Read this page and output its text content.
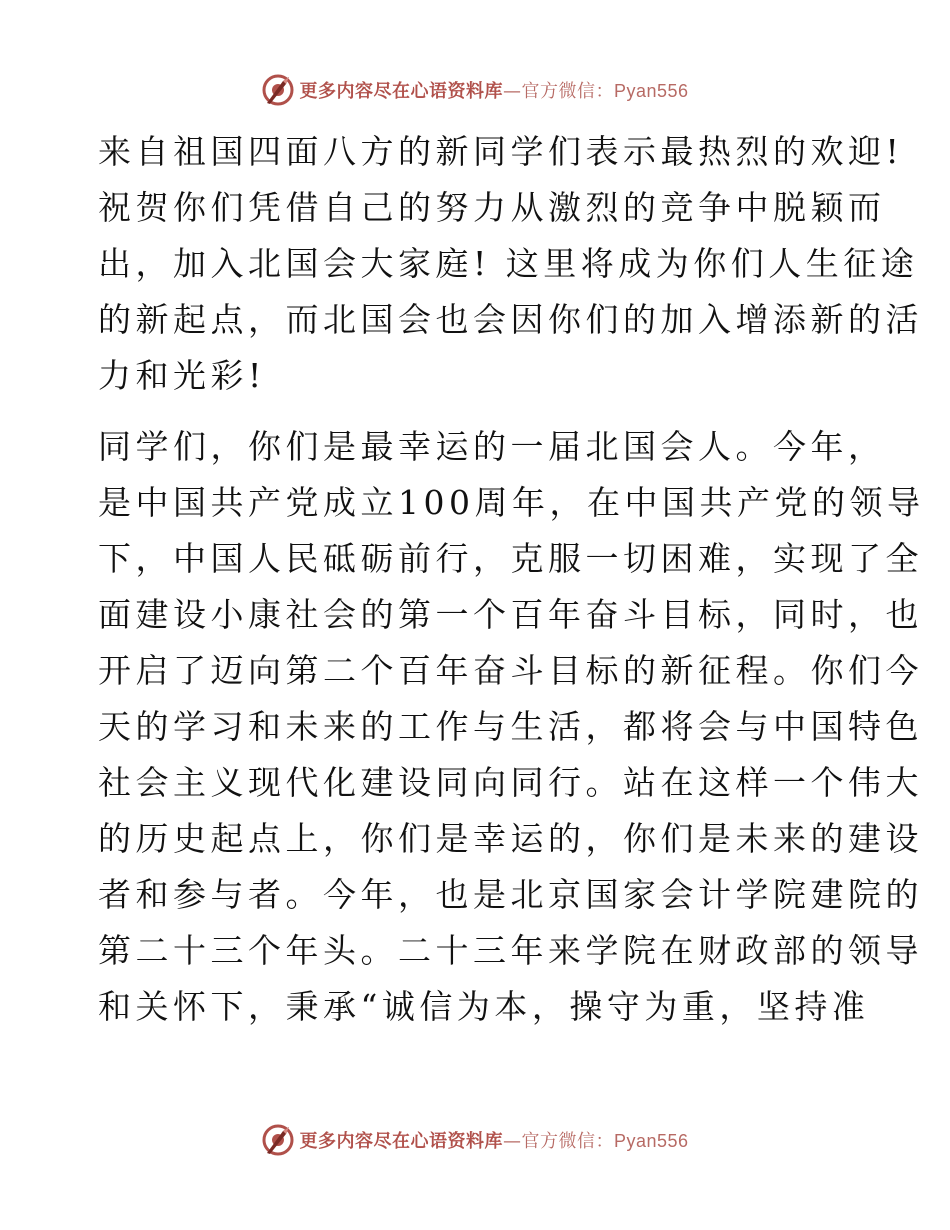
更多内容尽在心语资料库—官方微信：Pyan556
来自祖国四面八方的新同学们表示最热烈的欢迎!
祝贺你们凭借自己的努力从激烈的竞争中脱颖而
出，加入北国会大家庭! 这里将成为你们人生征途
的新起点，而北国会也会因你们的加入增添新的活
力和光彩!
同学们，你们是最幸运的一届北国会人。今年，
是中国共产党成立100周年，在中国共产党的领导
下，中国人民砥砺前行，克服一切困难，实现了全
面建设小康社会的第一个百年奋斗目标，同时，也
开启了迈向第二个百年奋斗目标的新征程。你们今
天的学习和未来的工作与生活，都将会与中国特色
社会主义现代化建设同向同行。站在这样一个伟大
的历史起点上，你们是幸运的，你们是未来的建设
者和参与者。今年，也是北京国家会计学院建院的
第二十三个年头。二十三年来学院在财政部的领导
和关怀下，秉承“诚信为本，操守为重，坚持准
更多内容尽在心语资料库—官方微信：Pyan556
